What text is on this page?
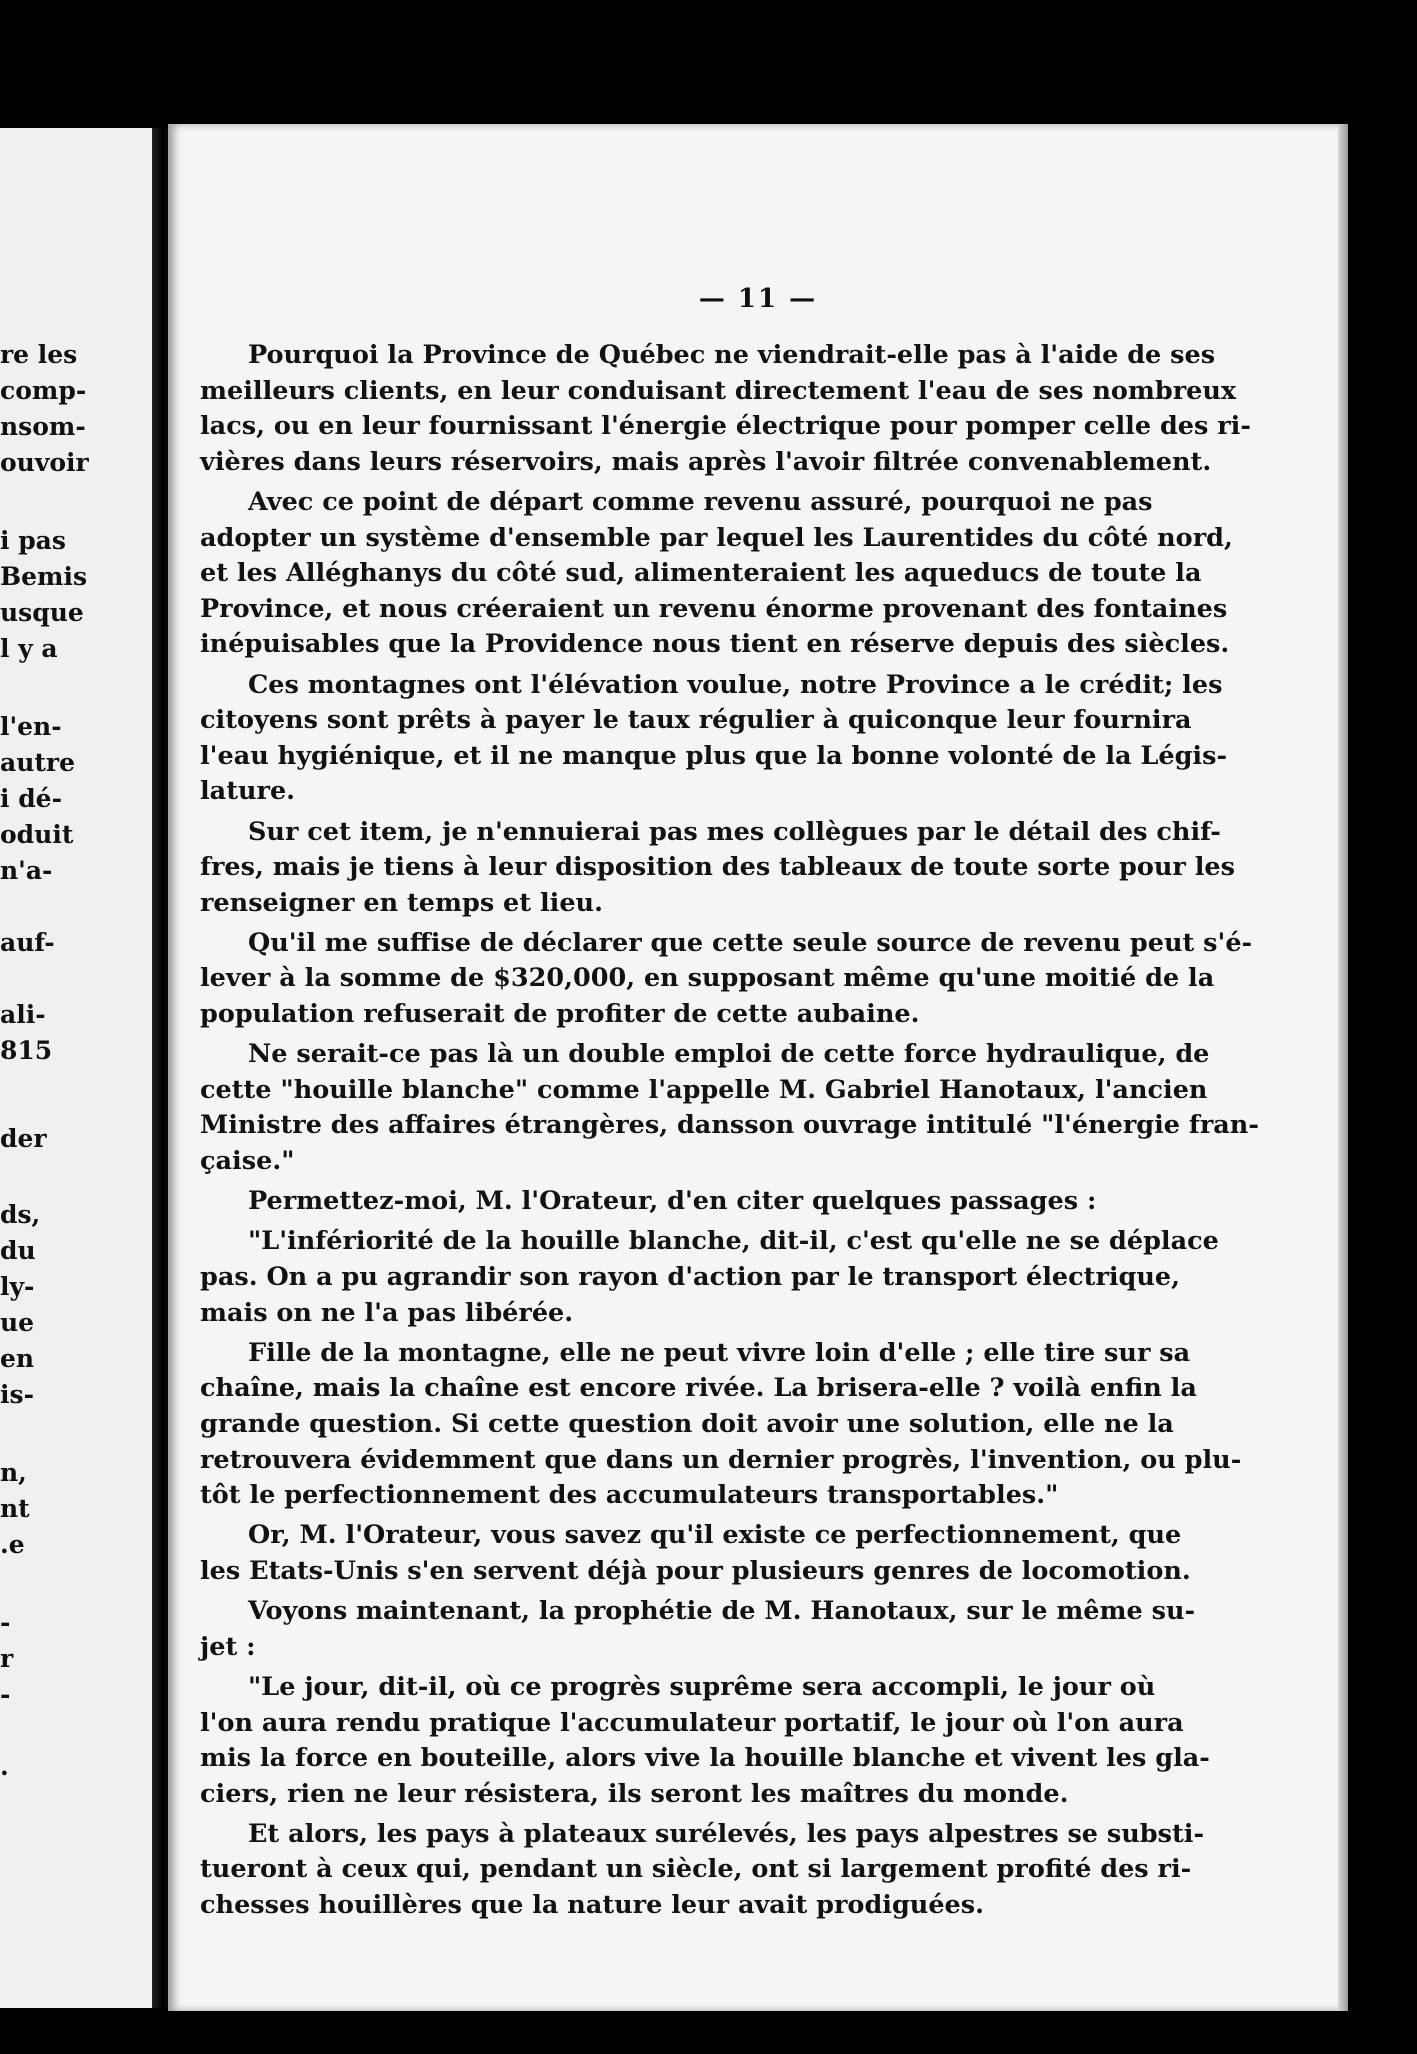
re les
comp-
nsom-
ouvoir
i pas
Bemis
usque
l y a
l'en-
autre
i dé-
oduit
n'a-
auf-
ali-
815
der
ds,
du
ly-
ue
en
is-
n,
nt
.e
-
r
-
.
— 11 —
Pourquoi la Province de Québec ne viendrait-elle pas à l'aide de ses
meilleurs clients, en leur conduisant directement l'eau de ses nombreux
lacs, ou en leur fournissant l'énergie électrique pour pomper celle des ri-
vières dans leurs réservoirs, mais après l'avoir filtrée convenablement.
Avec ce point de départ comme revenu assuré, pourquoi ne pas
adopter un système d'ensemble par lequel les Laurentides du côté nord,
et les Alléghanys du côté sud, alimenteraient les aqueducs de toute la
Province, et nous créeraient un revenu énorme provenant des fontaines
inépuisables que la Providence nous tient en réserve depuis des siècles.
Ces montagnes ont l'élévation voulue, notre Province a le crédit; les
citoyens sont prêts à payer le taux régulier à quiconque leur fournira
l'eau hygiénique, et il ne manque plus que la bonne volonté de la Légis-
lature.
Sur cet item, je n'ennuierai pas mes collègues par le détail des chif-
fres, mais je tiens à leur disposition des tableaux de toute sorte pour les
renseigner en temps et lieu.
Qu'il me suffise de déclarer que cette seule source de revenu peut s'é-
lever à la somme de $320,000, en supposant même qu'une moitié de la
population refuserait de profiter de cette aubaine.
Ne serait-ce pas là un double emploi de cette force hydraulique, de
cette "houille blanche" comme l'appelle M. Gabriel Hanotaux, l'ancien
Ministre des affaires étrangères, dansson ouvrage intitulé "l'énergie fran-
çaise."
Permettez-moi, M. l'Orateur, d'en citer quelques passages :
"L'infériorité de la houille blanche, dit-il, c'est qu'elle ne se déplace
pas. On a pu agrandir son rayon d'action par le transport électrique,
mais on ne l'a pas libérée.
Fille de la montagne, elle ne peut vivre loin d'elle ; elle tire sur sa
chaîne, mais la chaîne est encore rivée. La brisera-elle ? voilà enfin la
grande question. Si cette question doit avoir une solution, elle ne la
retrouvera évidemment que dans un dernier progrès, l'invention, ou plu-
tôt le perfectionnement des accumulateurs transportables."
Or, M. l'Orateur, vous savez qu'il existe ce perfectionnement, que
les Etats-Unis s'en servent déjà pour plusieurs genres de locomotion.
Voyons maintenant, la prophétie de M. Hanotaux, sur le même su-
jet :
"Le jour, dit-il, où ce progrès suprême sera accompli, le jour où
l'on aura rendu pratique l'accumulateur portatif, le jour où l'on aura
mis la force en bouteille, alors vive la houille blanche et vivent les gla-
ciers, rien ne leur résistera, ils seront les maîtres du monde.
Et alors, les pays à plateaux surélevés, les pays alpestres se substi-
tueront à ceux qui, pendant un siècle, ont si largement profité des ri-
chesses houillères que la nature leur avait prodiguées.
